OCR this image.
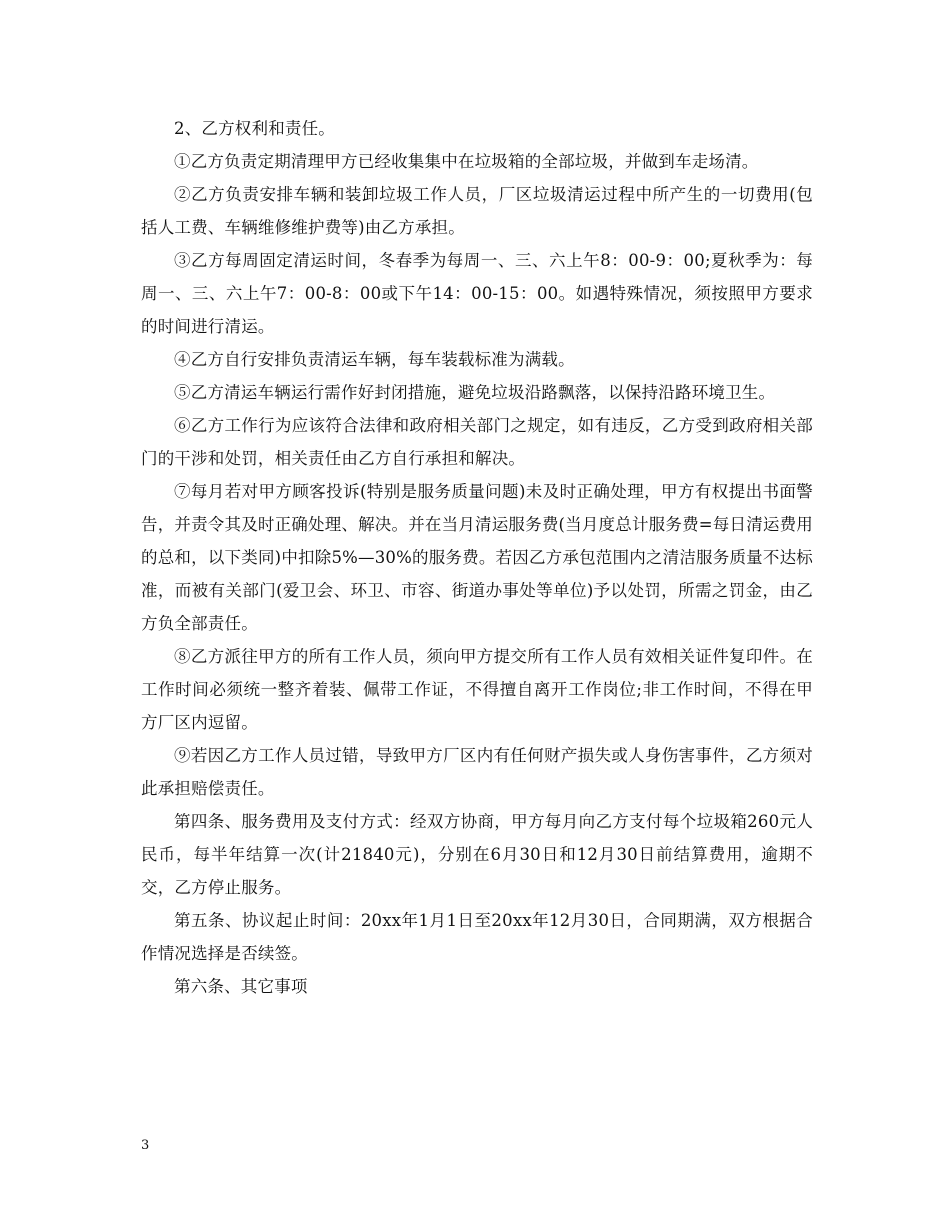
2、乙方权利和责任。

①乙方负责定期清理甲方已经收集集中在垃圾箱的全部垃圾，并做到车走场清。

②乙方负责安排车辆和装卸垃圾工作人员，厂区垃圾清运过程中所产生的一切费用(包括人工费、车辆维修维护费等)由乙方承担。

③乙方每周固定清运时间，冬春季为每周一、三、六上午8：00-9：00;夏秋季为：每周一、三、六上午7：00-8：00或下午14：00-15：00。如遇特殊情况，须按照甲方要求的时间进行清运。

④乙方自行安排负责清运车辆，每车装载标准为满载。

⑤乙方清运车辆运行需作好封闭措施，避免垃圾沿路飘落，以保持沿路环境卫生。

⑥乙方工作行为应该符合法律和政府相关部门之规定，如有违反，乙方受到政府相关部门的干涉和处罚，相关责任由乙方自行承担和解决。

⑦每月若对甲方顾客投诉(特别是服务质量问题)未及时正确处理，甲方有权提出书面警告，并责令其及时正确处理、解决。并在当月清运服务费(当月度总计服务费=每日清运费用的总和，以下类同)中扣除5%—30%的服务费。若因乙方承包范围内之清洁服务质量不达标准，而被有关部门(爱卫会、环卫、市容、街道办事处等单位)予以处罚，所需之罚金，由乙方负全部责任。

⑧乙方派往甲方的所有工作人员，须向甲方提交所有工作人员有效相关证件复印件。在工作时间必须统一整齐着装、佩带工作证，不得擅自离开工作岗位;非工作时间，不得在甲方厂区内逗留。

⑨若因乙方工作人员过错，导致甲方厂区内有任何财产损失或人身伤害事件，乙方须对此承担赔偿责任。

第四条、服务费用及支付方式：经双方协商，甲方每月向乙方支付每个垃圾箱260元人民币，每半年结算一次(计21840元)，分别在6月30日和12月30日前结算费用，逾期不交，乙方停止服务。

第五条、协议起止时间：20xx年1月1日至20xx年12月30日，合同期满，双方根据合作情况选择是否续签。

第六条、其它事项

3
